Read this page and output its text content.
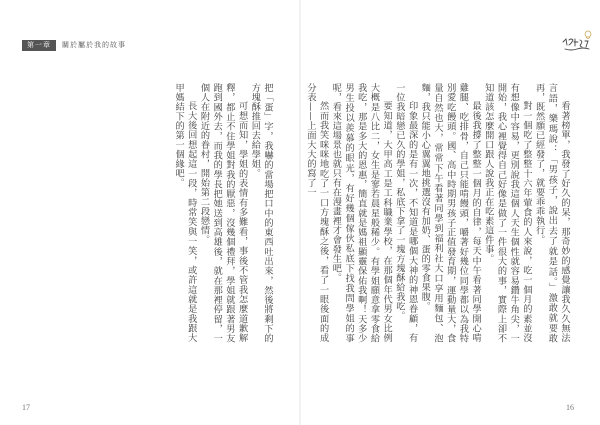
第一章	關於屬於我的故事

把「蛋」字，我嚇的當場把口中的東西吐出來，然後將剩下的方塊酥推回去給學姐。

可想而知，學姐的表情有多難看，事後不管我怎麼道歉解釋，都止不住學姐對我的厭惡，沒幾個禮拜，學姐就跟著男友跑到國外去，而我的學長把她送到高雄後，就在那裡停留，一個人在附近的眷村，開始第二段戀情。

長大後回想起這一段，時常笑與一笑，或許這就是我跟大甲媽結下的第一個緣吧。

17

看著榜單，我發了好久的呆，那奇妙的感覺讓我久久無法言語，樂瑪說：「男孩子，說出去了就是話。」激敢就要敢再，既然願已經發了，就要乖乖執行。

對一個吃了整整十六年葷食的人來說，吃一個月的素並沒有想像中容易，更別說我這個人天生個性就容易鑽牛角尖，一開始，我心裡覺得自己好像是做了一件很大的事，實際上卻不知道該怎麼開口跟人說我正在吃素這件事。

最後我撐了整整一個月的自律，每天中午看著同學開心啃雞腿、吃排骨，自己只能啃饅頭，嚼著好幾位同學都以為我特別愛吃饅頭。國、高中時期男孩子正值發育期，運動量大，食量自然也大，常常下午看著同學到福利社大口享用麵包、泡麵，我只能小心翼翼地挑選沒有加奶、蛋的零食果腹。

印象最深的是有一次，不知道是哪個大神的神恩眷顧，有一位我暗戀已久的學姐，私底下拿了一塊方塊酥給我吃。

要知道，大甲高工是工科職業學校，在那個年代男女比例大概是八比二，女生是寥若晨星般稀少。有學姐願意拿零食給我吃，那是多大的恩惠，簡直就是媽祖顯靈保佑我啊！天多少男生投以羨慕的眼光，有好幾個傢伙私底下找我問學姐的事呢，看來這場景也就只有在漫畫裡才會發生吧。

然而我笑咪咪地吃了一口方塊酥之後，看了一眼後面的成分表——上面大大的寫了一

16
